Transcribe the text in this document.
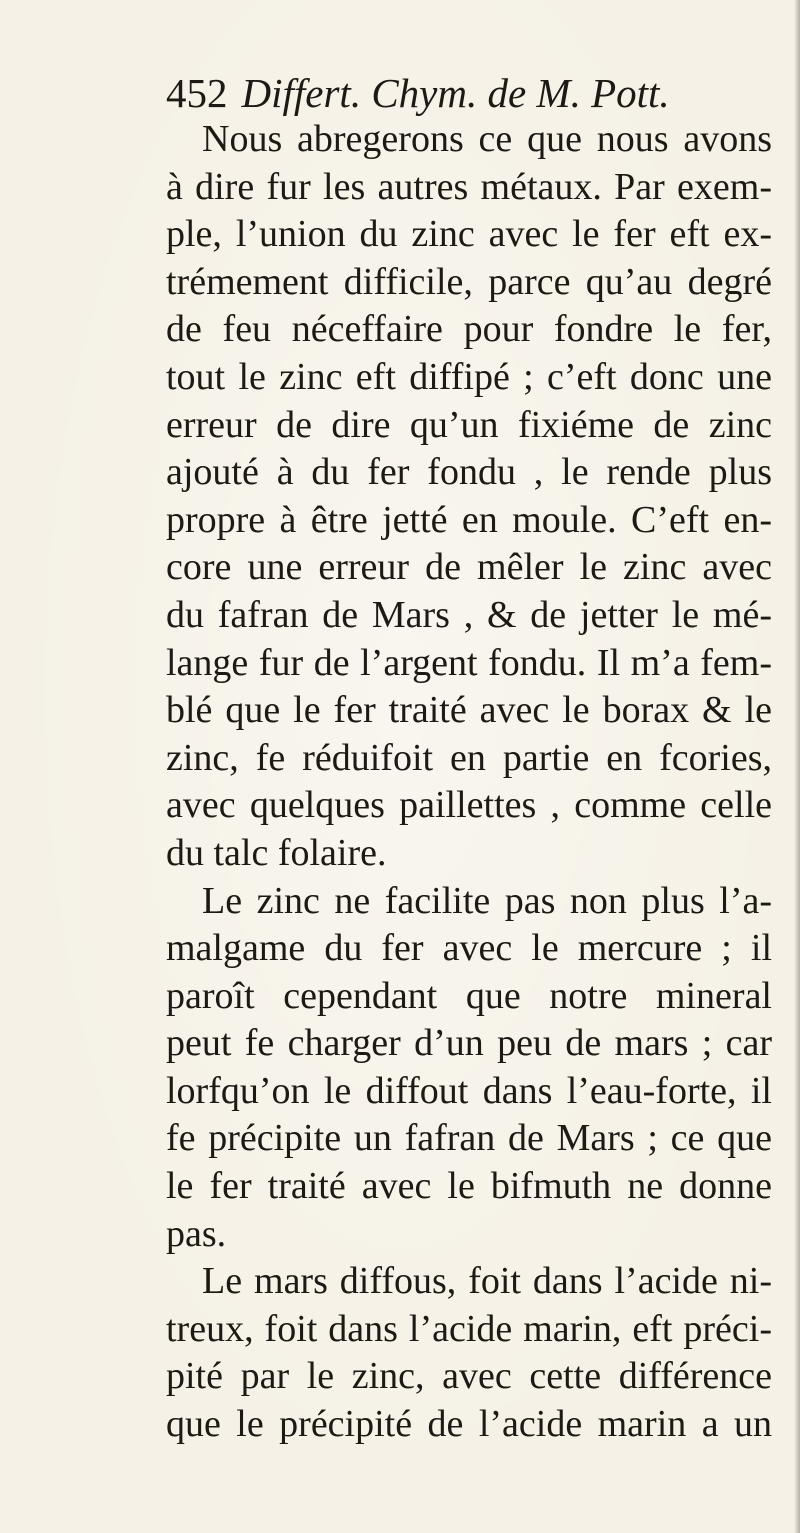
452 Differt. Chym. de M. Pott.
Nous abregerons ce que nous avons
à dire fur les autres métaux. Par exem-
ple, l’union du zinc avec le fer eft ex-
trémement difficile, parce qu’au degré
de feu néceffaire pour fondre le fer,
tout le zinc eft diffipé ; c’eft donc une
erreur de dire qu’un fixiéme de zinc
ajouté à du fer fondu , le rende plus
propre à être jetté en moule. C’eft en-
core une erreur de mêler le zinc avec
du fafran de Mars , & de jetter le mé-
lange fur de l’argent fondu. Il m’a fem-
blé que le fer traité avec le borax & le
zinc, fe réduifoit en partie en fcories,
avec quelques paillettes , comme celle
du talc folaire.
Le zinc ne facilite pas non plus l’a-
malgame du fer avec le mercure ; il
paroît cependant que notre mineral
peut fe charger d’un peu de mars ; car
lorfqu’on le diffout dans l’eau-forte, il
fe précipite un fafran de Mars ; ce que
le fer traité avec le bifmuth ne donne
pas.
Le mars diffous, foit dans l’acide ni-
treux, foit dans l’acide marin, eft préci-
pité par le zinc, avec cette différence
que le précipité de l’acide marin a un
